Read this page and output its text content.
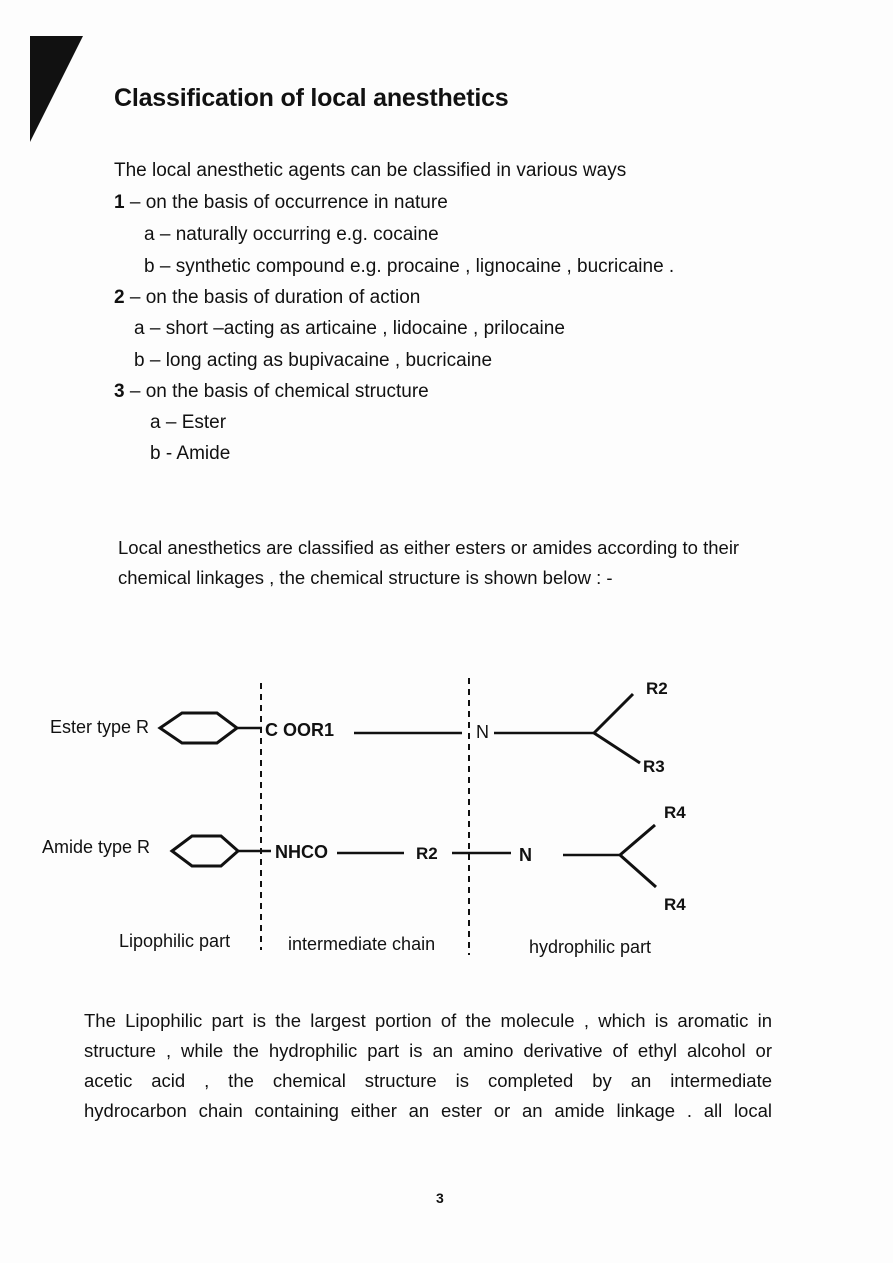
Classification of local anesthetics
The local anesthetic agents can be classified in various ways
1 – on the basis of occurrence in nature
a – naturally occurring e.g. cocaine
b – synthetic compound e.g. procaine , lignocaine , bucricaine .
2 – on the basis of duration of action
a – short –acting as articaine , lidocaine , prilocaine
b – long acting as bupivacaine , bucricaine
3 – on the basis of chemical structure
a – Ester
b - Amide
Local anesthetics are classified as either esters or amides according to their
chemical linkages , the chemical structure is shown below : -
Ester type R	C OOR1	N
R2
R3
Amide type R	NHCO	R2	N
R4
R4
Lipophilic part	intermediate chain	hydrophilic part
The Lipophilic part is the largest portion of the molecule , which is aromatic in
structure , while the hydrophilic part is an amino derivative of ethyl alcohol or
acetic acid , the chemical structure is completed by an intermediate
hydrocarbon chain containing either an ester or an amide linkage . all local
3
